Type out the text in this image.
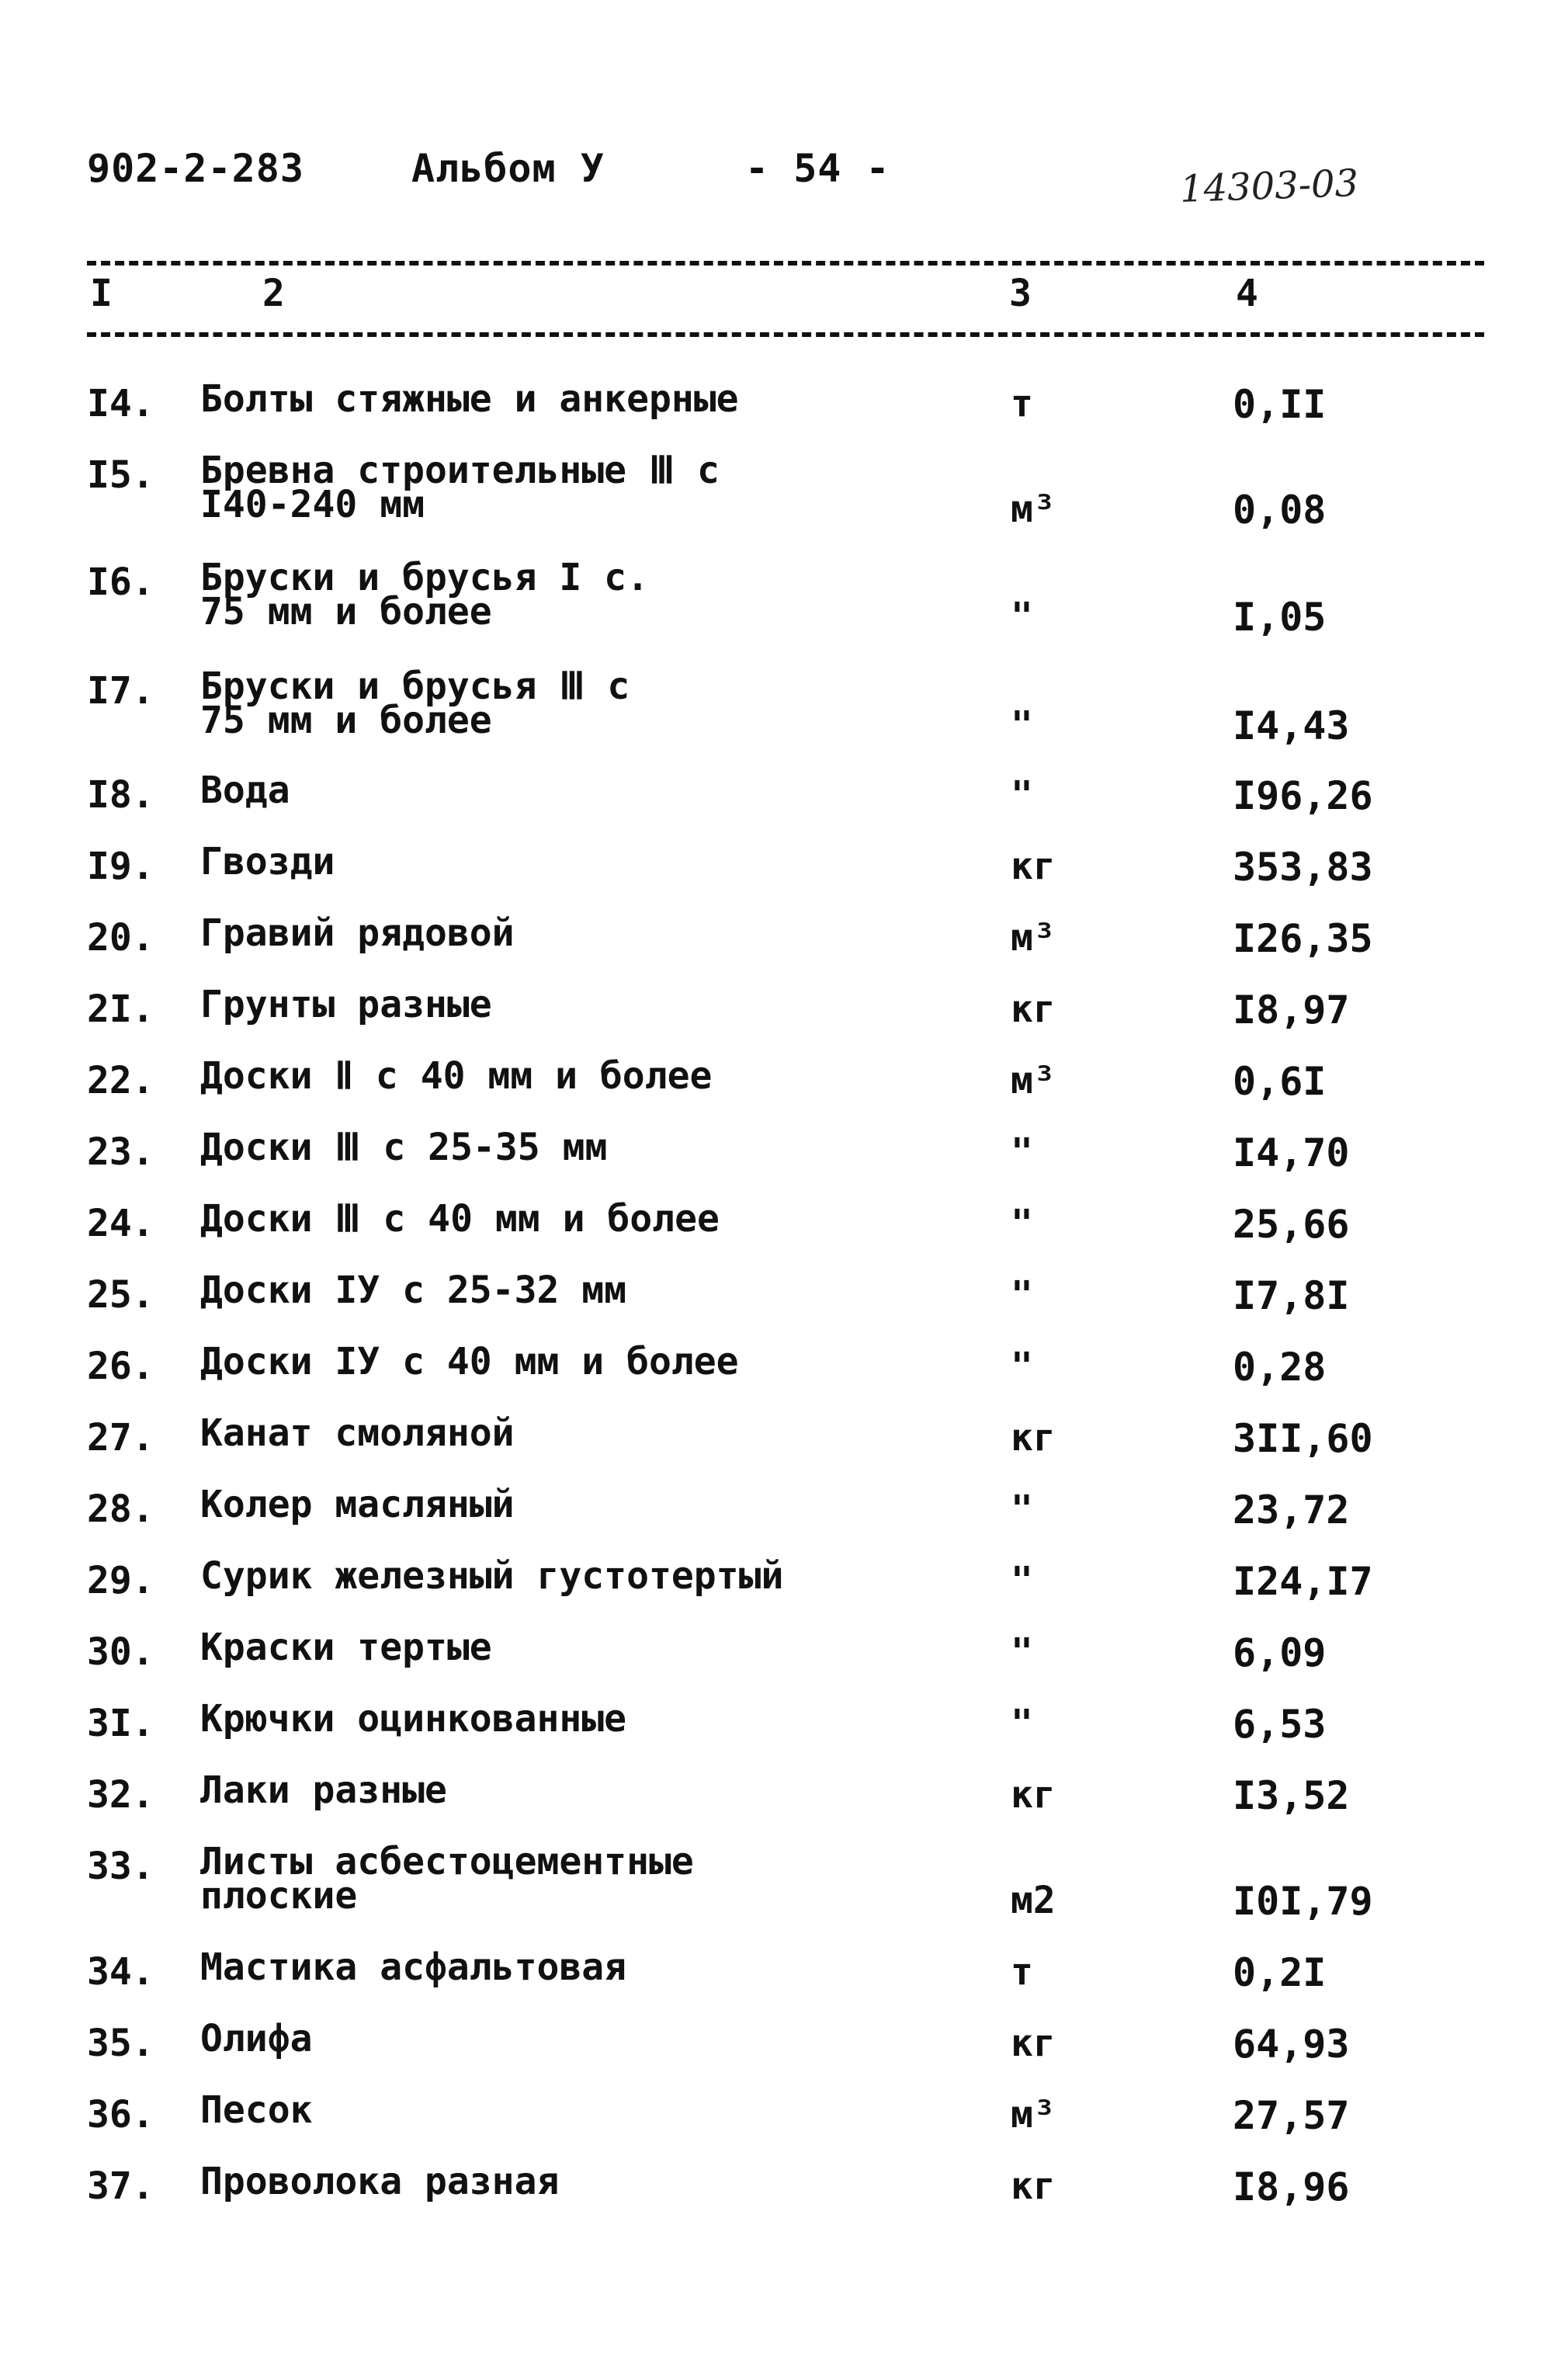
902-2-283	Альбом У	- 54 -	14303-03
I	2	3	4
I4. Болты стяжные и анкерные	т	0,II
I5. Бревна строительные Ⅲ с
I40-240 мм	м³	0,08
I6. Бруски и брусья I с.
75 мм и более	"	I,05
I7. Бруски и брусья Ⅲ с
75 мм и более	"	I4,43
I8. Вода	"	I96,26
I9. Гвозди	кг	353,83
20. Гравий рядовой	м³	I26,35
2I. Грунты разные	кг	I8,97
22. Доски Ⅱ с 40 мм и более	м³	0,6I
23. Доски Ⅲ с 25-35 мм	"	I4,70
24. Доски Ⅲ с 40 мм и более	"	25,66
25. Доски IУ с 25-32 мм	"	I7,8I
26. Доски IУ с 40 мм и более	"	0,28
27. Канат смоляной	кг	3II,60
28. Колер масляный	"	23,72
29. Сурик железный густотертый	"	I24,I7
30. Краски тертые	"	6,09
3I. Крючки оцинкованные	"	6,53
32. Лаки разные	кг	I3,52
33. Листы асбестоцементные
плоские	м2	I0I,79
34. Мастика асфальтовая	т	0,2I
35. Олифа	кг	64,93
36. Песок	м³	27,57
37. Проволока разная	кг	I8,96
